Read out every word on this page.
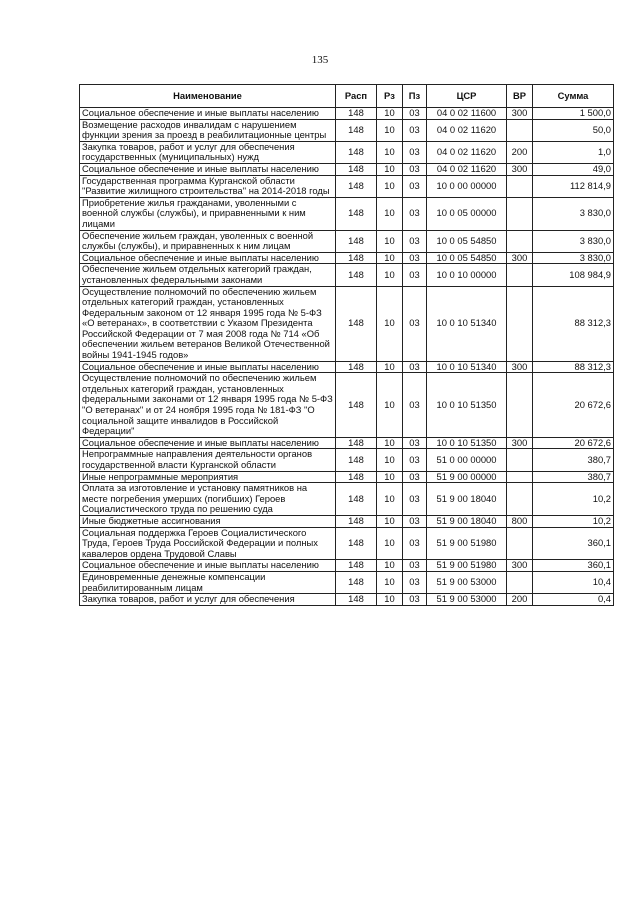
135
Наименование	Расп	Рз	Пз	ЦСР	ВР	Сумма
Социальное обеспечение и иные выплаты населению	148	10	03	04 0 02 11600	300	1 500,0
Возмещение расходов инвалидам с нарушением функции зрения за проезд в реабилитационные центры	148	10	03	04 0 02 11620		50,0
Закупка товаров, работ и услуг для обеспечения государственных (муниципальных) нужд	148	10	03	04 0 02 11620	200	1,0
Социальное обеспечение и иные выплаты населению	148	10	03	04 0 02 11620	300	49,0
Государственная программа Курганской области "Развитие жилищного строительства" на 2014-2018 годы	148	10	03	10 0 00 00000		112 814,9
Приобретение жилья гражданами, уволенными с военной службы (службы), и приравненными к ним лицами	148	10	03	10 0 05 00000		3 830,0
Обеспечение жильем граждан, уволенных с военной службы (службы), и приравненных к ним лицам	148	10	03	10 0 05 54850		3 830,0
Социальное обеспечение и иные выплаты населению	148	10	03	10 0 05 54850	300	3 830,0
Обеспечение жильем отдельных категорий граждан, установленных федеральными законами	148	10	03	10 0 10 00000		108 984,9
Осуществление полномочий по обеспечению жильем отдельных категорий граждан, установленных Федеральным законом от 12 января 1995 года № 5-ФЗ «О ветеранах», в соответствии с Указом Президента Российской Федерации от 7 мая 2008 года № 714 «Об обеспечении жильем ветеранов Великой Отечественной войны 1941-1945 годов»	148	10	03	10 0 10 51340		88 312,3
Социальное обеспечение и иные выплаты населению	148	10	03	10 0 10 51340	300	88 312,3
Осуществление полномочий по обеспечению жильем отдельных категорий граждан, установленных федеральными законами от 12 января 1995 года № 5-ФЗ "О ветеранах" и от 24 ноября 1995 года № 181-ФЗ "О социальной защите инвалидов в Российской Федерации"	148	10	03	10 0 10 51350		20 672,6
Социальное обеспечение и иные выплаты населению	148	10	03	10 0 10 51350	300	20 672,6
Непрограммные направления деятельности органов государственной власти Курганской области	148	10	03	51 0 00 00000		380,7
Иные непрограммные мероприятия	148	10	03	51 9 00 00000		380,7
Оплата за изготовление и установку памятников на месте погребения умерших (погибших) Героев Социалистического труда по решению суда	148	10	03	51 9 00 18040		10,2
Иные бюджетные ассигнования	148	10	03	51 9 00 18040	800	10,2
Социальная поддержка Героев Социалистического Труда, Героев Труда Российской Федерации и полных кавалеров ордена Трудовой Славы	148	10	03	51 9 00 51980		360,1
Социальное обеспечение и иные выплаты населению	148	10	03	51 9 00 51980	300	360,1
Единовременные денежные компенсации реабилитированным лицам	148	10	03	51 9 00 53000		10,4
Закупка товаров, работ и услуг для обеспечения	148	10	03	51 9 00 53000	200	0,4
